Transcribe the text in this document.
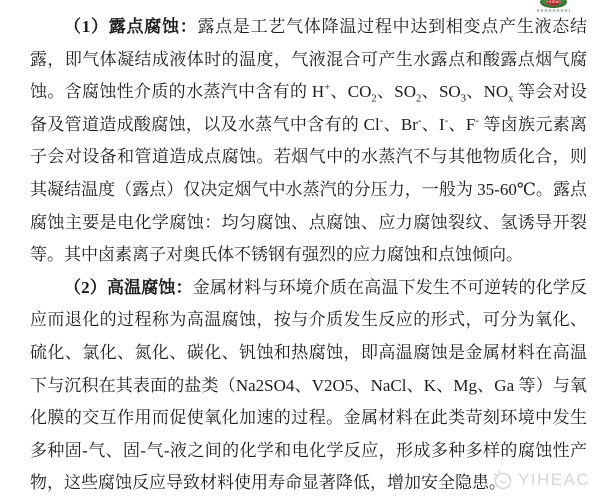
YIHEAC

（1）露点腐蚀：露点是工艺气体降温过程中达到相变点产生液态结露，即气体凝结成液体时的温度，气液混合可产生水露点和酸露点烟气腐蚀。含腐蚀性介质的水蒸汽中含有的 H+、$CO_2$、$SO_2$、$SO_3$、$NO_x$ 等会对设备及管道造成酸腐蚀，以及水蒸气中含有的 Cl-、Br-、I-、F- 等卤族元素离子会对设备和管道造成点腐蚀。若烟气中的水蒸汽不与其他物质化合，则其凝结温度（露点）仅决定烟气中水蒸汽的分压力，一般为 35-60℃。露点腐蚀主要是电化学腐蚀：均匀腐蚀、点腐蚀、应力腐蚀裂纹、氢诱导开裂等。其中卤素离子对奥氏体不锈钢有强烈的应力腐蚀和点蚀倾向。

（2）高温腐蚀：金属材料与环境介质在高温下发生不可逆转的化学反应而退化的过程称为高温腐蚀，按与介质发生反应的形式，可分为氧化、硫化、氯化、氮化、碳化、钒蚀和热腐蚀，即高温腐蚀是金属材料在高温下与沉积在其表面的盐类（Na2SO4、V2O5、NaCl、K、Mg、Ga 等）与氧化膜的交互作用而促使氧化加速的过程。金属材料在此类苛刻环境中发生多种固-气、固-气-液之间的化学和电化学反应，形成多种多样的腐蚀性产物，这些腐蚀反应导致材料使用寿命显著降低，增加安全隐患。 YIHEAC
